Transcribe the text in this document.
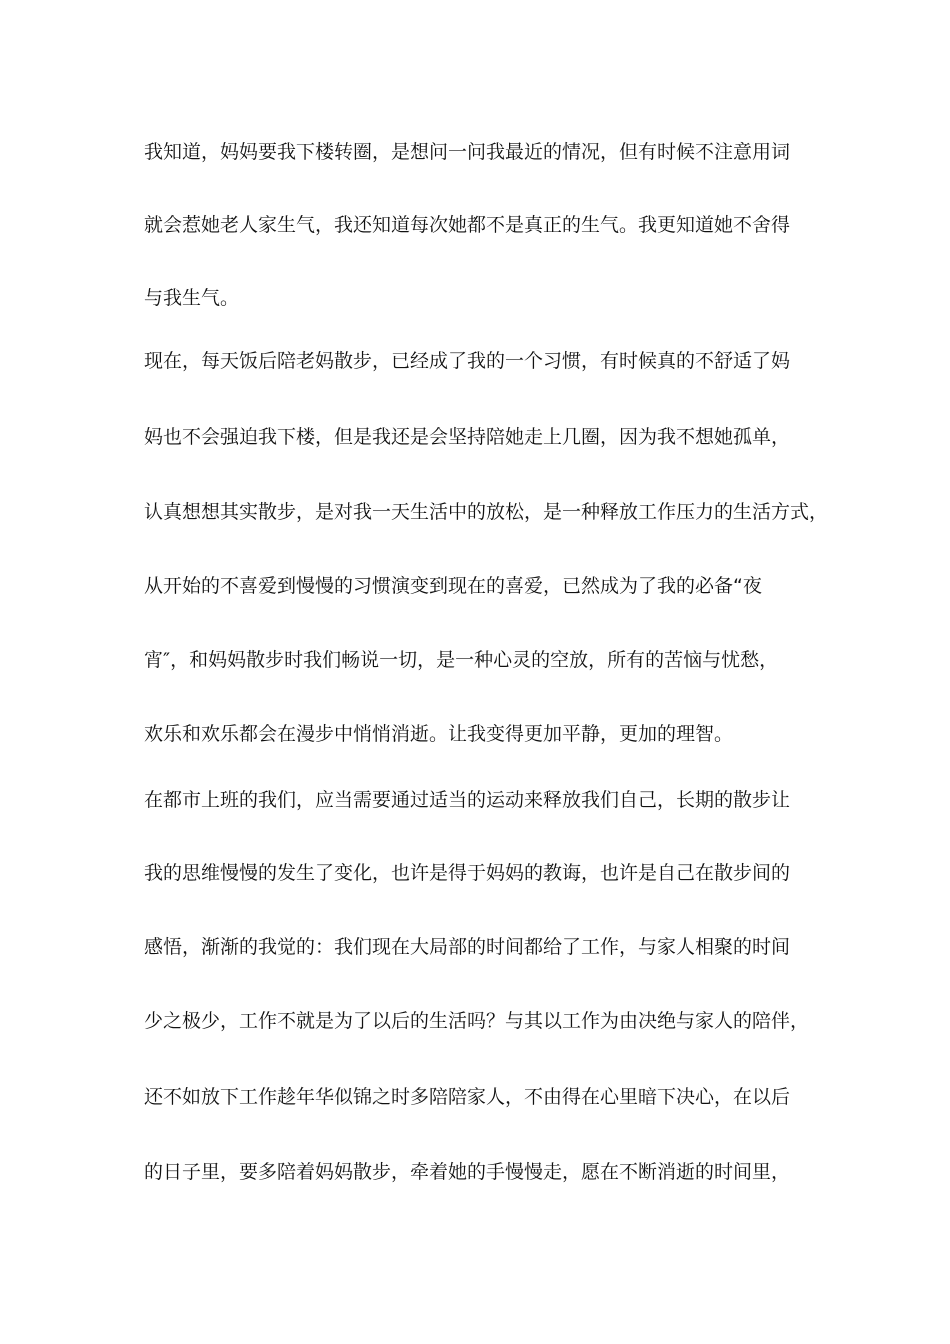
我知道，妈妈要我下楼转圈，是想问一问我最近的情况，但有时候不注意用词
就会惹她老人家生气，我还知道每次她都不是真正的生气。我更知道她不舍得
与我生气。
现在，每天饭后陪老妈散步，已经成了我的一个习惯，有时候真的不舒适了妈
妈也不会强迫我下楼，但是我还是会坚持陪她走上几圈，因为我不想她孤单，
认真想想其实散步，是对我一天生活中的放松，是一种释放工作压力的生活方式，
从开始的不喜爱到慢慢的习惯演变到现在的喜爱，已然成为了我的必备“夜
宵″，和妈妈散步时我们畅说一切，是一种心灵的空放，所有的苦恼与忧愁，
欢乐和欢乐都会在漫步中悄悄消逝。让我变得更加平静，更加的理智。
在都市上班的我们，应当需要通过适当的运动来释放我们自己，长期的散步让
我的思维慢慢的发生了变化，也许是得于妈妈的教诲，也许是自己在散步间的
感悟，渐渐的我觉的：我们现在大局部的时间都给了工作，与家人相聚的时间
少之极少，工作不就是为了以后的生活吗？与其以工作为由决绝与家人的陪伴，
还不如放下工作趁年华似锦之时多陪陪家人，不由得在心里暗下决心，在以后
的日子里，要多陪着妈妈散步，牵着她的手慢慢走，愿在不断消逝的时间里，
